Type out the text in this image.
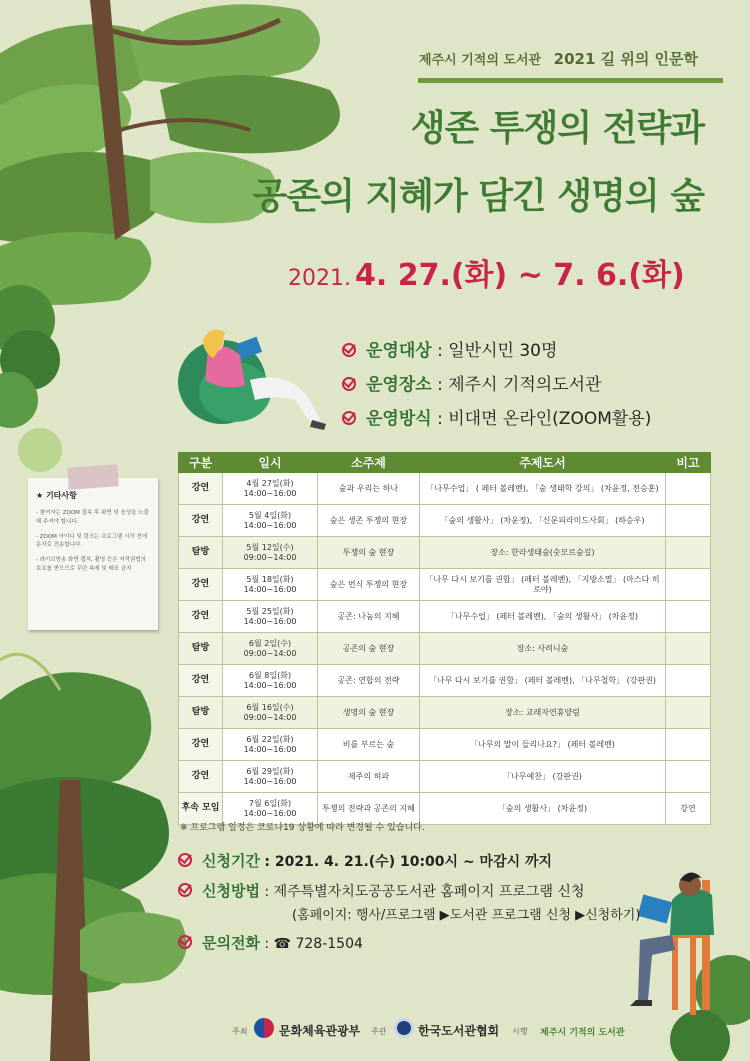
제주시 기적의 도서관 2021 길 위의 인문학
생존 투쟁의 전략과
공존의 지혜가 담긴 생명의 숲
2021. 4. 27.(화) ~ 7. 6.(화)
운영대상 : 일반시민 30명
운영장소 : 제주시 기적의도서관
운영방식 : 비대면 온라인(ZOOM활용)
★ 기타사항

- 참여자는 ZOOM 접속 후 화면 및 음성을 노출해 주셔야 합니다.

- ZOOM 아이디 및 링크는 프로그램 시작 전에 문자로 전송합니다.

- 라이브방송 화면 캡처, 촬영 등은 저작권법의 보호를 받으므로 무단 복제 및 배포 금지

구분	일시	소주제	주제도서	비고
강연	4월 27일(화) 14:00~16:00	숲과 우리는 하나	「나무수업」 ( 페터 볼레벤), 「숲 생태학 강의」 (차윤정, 전승훈)	
강연	5월 4일(화) 14:00~16:00	숲은 생존 투쟁의 현장	「숲의 생활사」 (차윤정), 「신문피라미드사회」 (하승우)	
탐방	5월 12일(수) 09:00~14:00	투쟁의 숲 현장	장소: 한라생태숲(숫모르숲길)	
강연	5월 18일(화) 14:00~16:00	숲은 번식 투쟁의 현장	「나무 다시 보기를 권함」 (페터 볼레벤), 「지방소멸」 (마스다 히로야)	
강연	5월 25일(화) 14:00~16:00	공존: 나눔의 지혜	「나무수업」 (페터 볼레벤), 「숲의 생활사」 (차윤정)	
탐방	6월 2일(수) 09:00~14:00	공존의 숲 현장	장소: 사려니숲	
강연	6월 8일(화) 14:00~16:00	공존: 연합의 전략	「나무 다시 보기를 권함」 (페터 볼레벤), 「나무철학」 (강판권)	
탐방	6월 16일(수) 09:00~14:00	생명의 숲 현장	장소: 교래자연휴양림	
강연	6월 22일(화) 14:00~16:00	비를 부르는 숲	「나무의 말이 들리나요?」 (페터 볼레벤)	
강연	6월 29일(화) 14:00~16:00	제주의 허파	「나무예찬」 (강판권)	
후속 모임	7월 6일(화) 14:00~16:00	투쟁의 전략과 공존의 지혜	「숲의 생활사」 (차윤정)	강연
※ 프로그램 일정은 코로나19 상황에 따라 변경될 수 있습니다.
신청기간 : 2021. 4. 21.(수) 10:00시 ~ 마감시 까지
신청방법 : 제주특별자치도공공도서관 홈페이지 프로그램 신청
(홈페이지: 행사/프로그램 ▶도서관 프로그램 신청 ▶신청하기)
문의전화 : ☎ 728-1504
주최	문화체육관광부 주관	한국도서관협회 시행 제주시 기적의 도서관
